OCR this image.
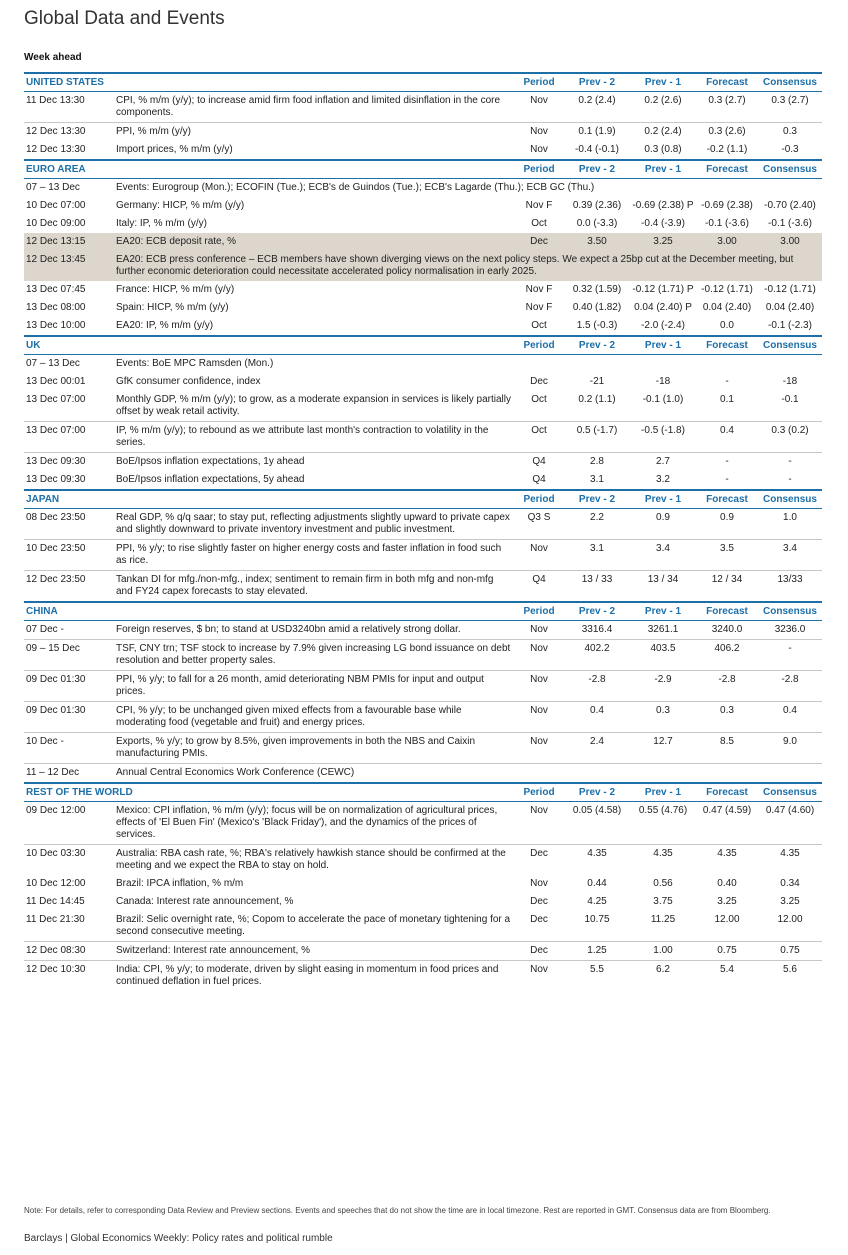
Global Data and Events
Week ahead
UNITED STATES		Period	Prev - 2	Prev - 1	Forecast	Consensus
11 Dec 13:30	CPI, % m/m (y/y); to increase amid firm food inflation and limited disinflation in the core components.	Nov	0.2 (2.4)	0.2 (2.6)	0.3 (2.7)	0.3 (2.7)
12 Dec 13:30	PPI, % m/m (y/y)	Nov	0.1 (1.9)	0.2 (2.4)	0.3 (2.6)	0.3
12 Dec 13:30	Import prices, % m/m (y/y)	Nov	-0.4 (-0.1)	0.3 (0.8)	-0.2 (1.1)	-0.3
EURO AREA		Period	Prev - 2	Prev - 1	Forecast	Consensus
07 – 13 Dec	Events: Eurogroup (Mon.); ECOFIN (Tue.); ECB's de Guindos (Tue.); ECB's Lagarde (Thu.); ECB GC (Thu.)					
10 Dec 07:00	Germany: HICP, % m/m (y/y)	Nov F	0.39 (2.36)	-0.69 (2.38) P	-0.69 (2.38)	-0.70 (2.40)
10 Dec 09:00	Italy: IP, % m/m (y/y)	Oct	0.0 (-3.3)	-0.4 (-3.9)	-0.1 (-3.6)	-0.1 (-3.6)
12 Dec 13:15	EA20: ECB deposit rate, %	Dec	3.50	3.25	3.00	3.00
12 Dec 13:45	EA20: ECB press conference – ECB members have shown diverging views on the next policy steps. We expect a 25bp cut at the December meeting, but further economic deterioration could necessitate accelerated policy normalisation in early 2025.					
13 Dec 07:45	France: HICP, % m/m (y/y)	Nov F	0.32 (1.59)	-0.12 (1.71) P	-0.12 (1.71)	-0.12 (1.71)
13 Dec 08:00	Spain: HICP, % m/m (y/y)	Nov F	0.40 (1.82)	0.04 (2.40) P	0.04 (2.40)	0.04 (2.40)
13 Dec 10:00	EA20: IP, % m/m (y/y)	Oct	1.5 (-0.3)	-2.0 (-2.4)	0.0	-0.1 (-2.3)
UK		Period	Prev - 2	Prev - 1	Forecast	Consensus
07 – 13 Dec	Events: BoE MPC Ramsden (Mon.)					
13 Dec 00:01	GfK consumer confidence, index	Dec	-21	-18	-	-18
13 Dec 07:00	Monthly GDP, % m/m (y/y); to grow, as a moderate expansion in services is likely partially offset by weak retail activity.	Oct	0.2 (1.1)	-0.1 (1.0)	0.1	-0.1
13 Dec 07:00	IP, % m/m (y/y); to rebound as we attribute last month's contraction to volatility in the series.	Oct	0.5 (-1.7)	-0.5 (-1.8)	0.4	0.3 (0.2)
13 Dec 09:30	BoE/Ipsos inflation expectations, 1y ahead	Q4	2.8	2.7	-	-
13 Dec 09:30	BoE/Ipsos inflation expectations, 5y ahead	Q4	3.1	3.2	-	-
JAPAN		Period	Prev - 2	Prev - 1	Forecast	Consensus
08 Dec 23:50	Real GDP, % q/q saar; to stay put, reflecting adjustments slightly upward to private capex and slightly downward to private inventory investment and public investment.	Q3 S	2.2	0.9	0.9	1.0
10 Dec 23:50	PPI, % y/y; to rise slightly faster on higher energy costs and faster inflation in food such as rice.	Nov	3.1	3.4	3.5	3.4
12 Dec 23:50	Tankan DI for mfg./non-mfg., index; sentiment to remain firm in both mfg and non-mfg and FY24 capex forecasts to stay elevated.	Q4	13 / 33	13 / 34	12 / 34	13/33
CHINA		Period	Prev - 2	Prev - 1	Forecast	Consensus
07 Dec -	Foreign reserves, $ bn; to stand at USD3240bn amid a relatively strong dollar.	Nov	3316.4	3261.1	3240.0	3236.0
09 – 15 Dec	TSF, CNY trn; TSF stock to increase by 7.9% given increasing LG bond issuance on debt resolution and better property sales.	Nov	402.2	403.5	406.2	-
09 Dec 01:30	PPI, % y/y; to fall for a 26 month, amid deteriorating NBM PMIs for input and output prices.	Nov	-2.8	-2.9	-2.8	-2.8
09 Dec 01:30	CPI, % y/y; to be unchanged given mixed effects from a favourable base while moderating food (vegetable and fruit) and energy prices.	Nov	0.4	0.3	0.3	0.4
10 Dec -	Exports, % y/y; to grow by 8.5%, given improvements in both the NBS and Caixin manufacturing PMIs.	Nov	2.4	12.7	8.5	9.0
11 – 12 Dec	Annual Central Economics Work Conference (CEWC)					
REST OF THE WORLD		Period	Prev - 2	Prev - 1	Forecast	Consensus
09 Dec 12:00	Mexico: CPI inflation, % m/m (y/y); focus will be on normalization of agricultural prices, effects of 'El Buen Fin' (Mexico's 'Black Friday'), and the dynamics of the prices of services.	Nov	0.05 (4.58)	0.55 (4.76)	0.47 (4.59)	0.47 (4.60)
10 Dec 03:30	Australia: RBA cash rate, %; RBA's relatively hawkish stance should be confirmed at the meeting and we expect the RBA to stay on hold.	Dec	4.35	4.35	4.35	4.35
10 Dec 12:00	Brazil: IPCA inflation, % m/m	Nov	0.44	0.56	0.40	0.34
11 Dec 14:45	Canada: Interest rate announcement, %	Dec	4.25	3.75	3.25	3.25
11 Dec 21:30	Brazil: Selic overnight rate, %; Copom to accelerate the pace of monetary tightening for a second consecutive meeting.	Dec	10.75	11.25	12.00	12.00
12 Dec 08:30	Switzerland: Interest rate announcement, %	Dec	1.25	1.00	0.75	0.75
12 Dec 10:30	India: CPI, % y/y; to moderate, driven by slight easing in momentum in food prices and continued deflation in fuel prices.	Nov	5.5	6.2	5.4	5.6
Note: For details, refer to corresponding Data Review and Preview sections. Events and speeches that do not show the time are in local timezone. Rest are reported in GMT. Consensus data are from Bloomberg.
Barclays | Global Economics Weekly: Policy rates and political rumble
